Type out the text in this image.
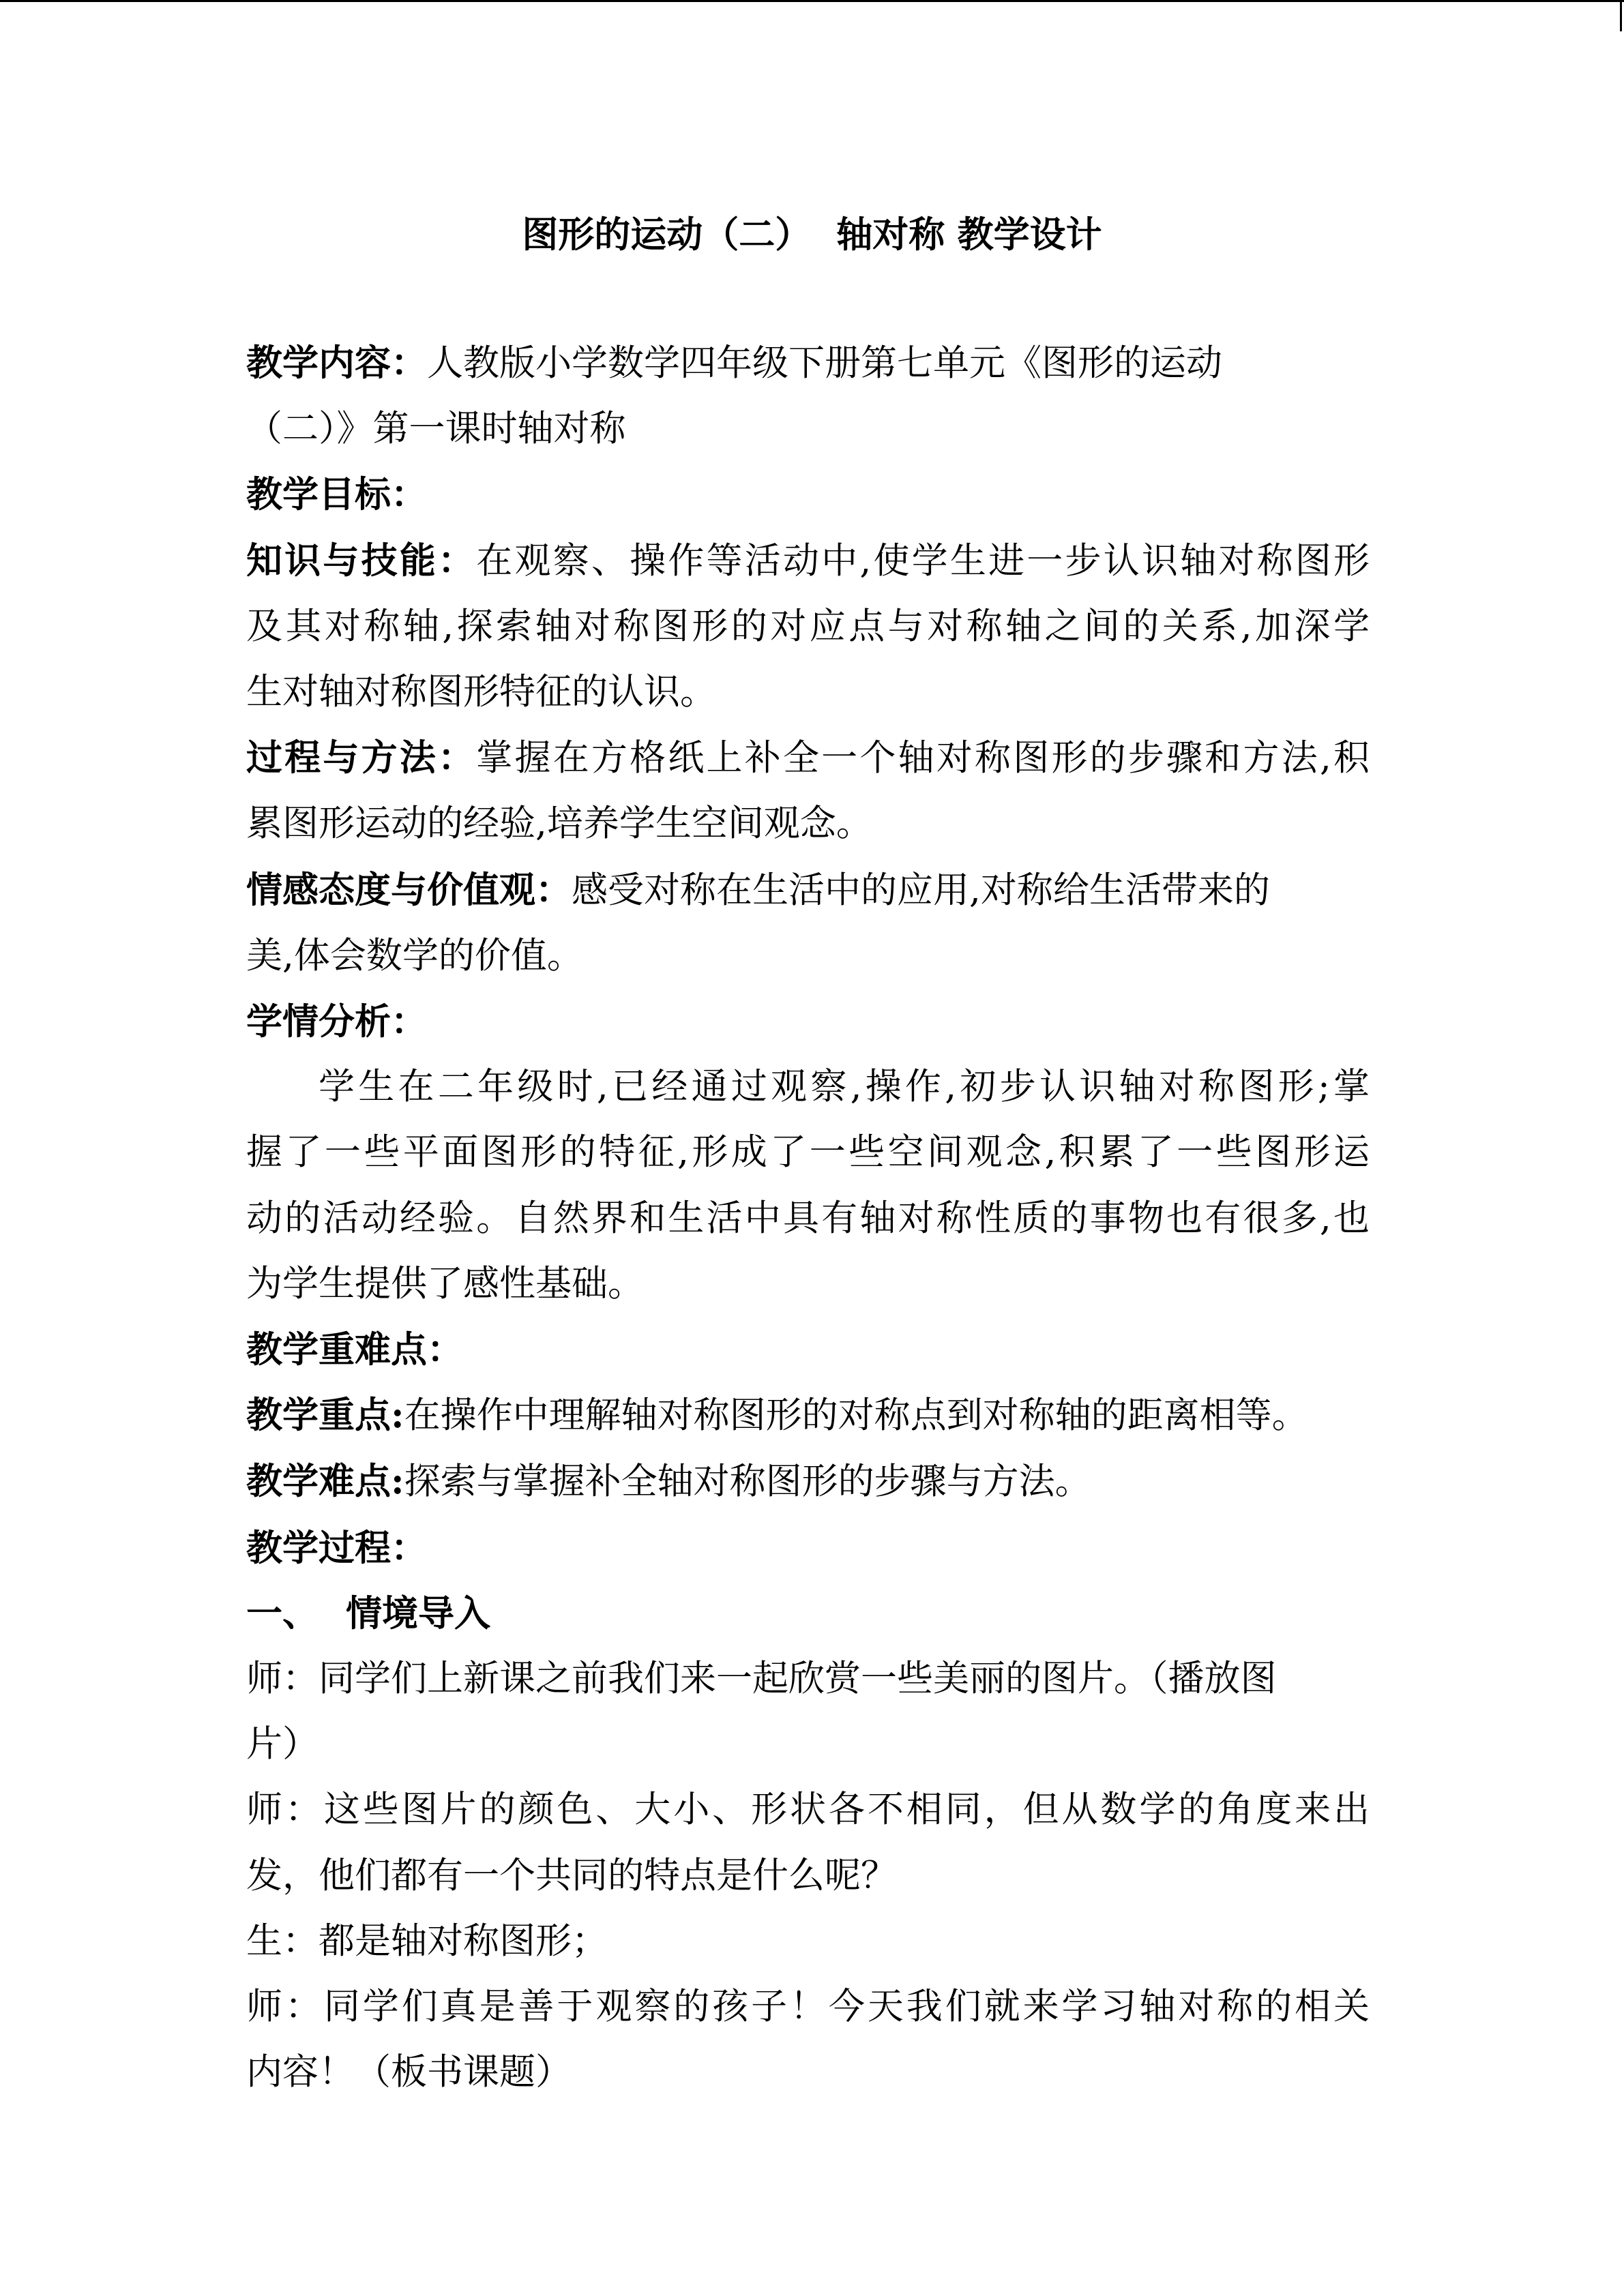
图形的运动（二）  轴对称 教学设计
教学内容：人教版小学数学四年级下册第七单元《图形的运动
（二）》第一课时轴对称
教学目标：
知识与技能：在观察、操作等活动中,使学生进一步认识轴对称图形
及其对称轴,探索轴对称图形的对应点与对称轴之间的关系,加深学
生对轴对称图形特征的认识。
过程与方法：掌握在方格纸上补全一个轴对称图形的步骤和方法,积
累图形运动的经验,培养学生空间观念。
情感态度与价值观：感受对称在生活中的应用,对称给生活带来的
美,体会数学的价值。
学情分析：
学生在二年级时,已经通过观察,操作,初步认识轴对称图形;掌
握了一些平面图形的特征,形成了一些空间观念,积累了一些图形运
动的活动经验。自然界和生活中具有轴对称性质的事物也有很多,也
为学生提供了感性基础。
教学重难点：
教学重点:在操作中理解轴对称图形的对称点到对称轴的距离相等。
教学难点:探索与掌握补全轴对称图形的步骤与方法。
教学过程：
一、 情境导入
师：同学们上新课之前我们来一起欣赏一些美丽的图片。（播放图
片）
师：这些图片的颜色、大小、形状各不相同，但从数学的角度来出
发，他们都有一个共同的特点是什么呢？
生：都是轴对称图形；
师：同学们真是善于观察的孩子！今天我们就来学习轴对称的相关
内容！（板书课题）
